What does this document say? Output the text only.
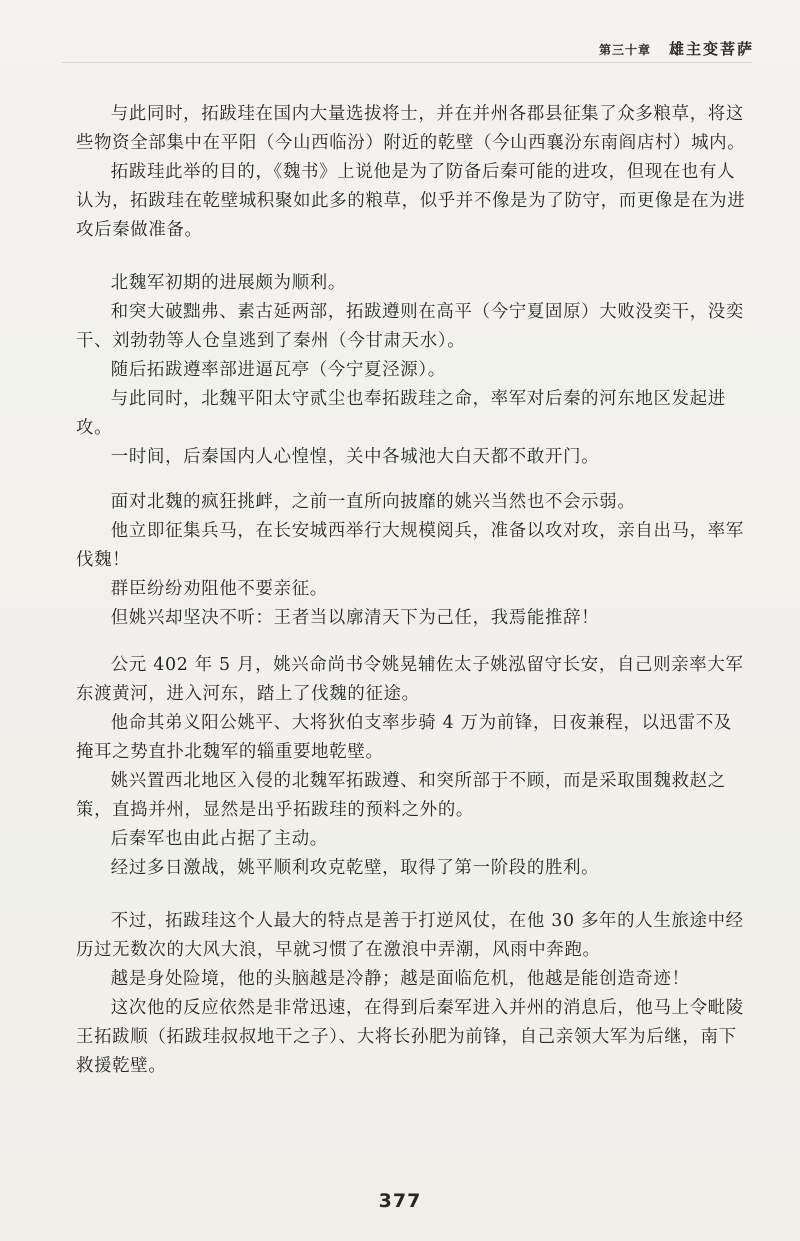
第三十章 雄主变菩萨

与此同时，拓跋珪在国内大量选拔将士，并在并州各郡县征集了众多粮草，将这些物资全部集中在平阳（今山西临汾）附近的乾壁（今山西襄汾东南阎店村）城内。

拓跋珪此举的目的，《魏书》上说他是为了防备后秦可能的进攻，但现在也有人认为，拓跋珪在乾壁城积聚如此多的粮草，似乎并不像是为了防守，而更像是在为进攻后秦做准备。

北魏军初期的进展颇为顺利。

和突大破黜弗、素古延两部，拓跋遵则在高平（今宁夏固原）大败没奕干，没奕干、刘勃勃等人仓皇逃到了秦州（今甘肃天水）。

随后拓跋遵率部进逼瓦亭（今宁夏泾源）。

与此同时，北魏平阳太守贰尘也奉拓跋珪之命，率军对后秦的河东地区发起进攻。

一时间，后秦国内人心惶惶，关中各城池大白天都不敢开门。

面对北魏的疯狂挑衅，之前一直所向披靡的姚兴当然也不会示弱。

他立即征集兵马，在长安城西举行大规模阅兵，准备以攻对攻，亲自出马，率军伐魏！

群臣纷纷劝阻他不要亲征。

但姚兴却坚决不听：王者当以廓清天下为己任，我焉能推辞！

公元 402 年 5 月，姚兴命尚书令姚晃辅佐太子姚泓留守长安，自己则亲率大军东渡黄河，进入河东，踏上了伐魏的征途。

他命其弟义阳公姚平、大将狄伯支率步骑 4 万为前锋，日夜兼程，以迅雷不及掩耳之势直扑北魏军的辎重要地乾壁。

姚兴置西北地区入侵的北魏军拓跋遵、和突所部于不顾，而是采取围魏救赵之策，直捣并州，显然是出乎拓跋珪的预料之外的。

后秦军也由此占据了主动。

经过多日激战，姚平顺利攻克乾壁，取得了第一阶段的胜利。

不过，拓跋珪这个人最大的特点是善于打逆风仗，在他 30 多年的人生旅途中经历过无数次的大风大浪，早就习惯了在激浪中弄潮，风雨中奔跑。

越是身处险境，他的头脑越是冷静；越是面临危机，他越是能创造奇迹！

这次他的反应依然是非常迅速，在得到后秦军进入并州的消息后，他马上令毗陵王拓跋顺（拓跋珪叔叔地干之子）、大将长孙肥为前锋，自己亲领大军为后继，南下救援乾壁。

377
